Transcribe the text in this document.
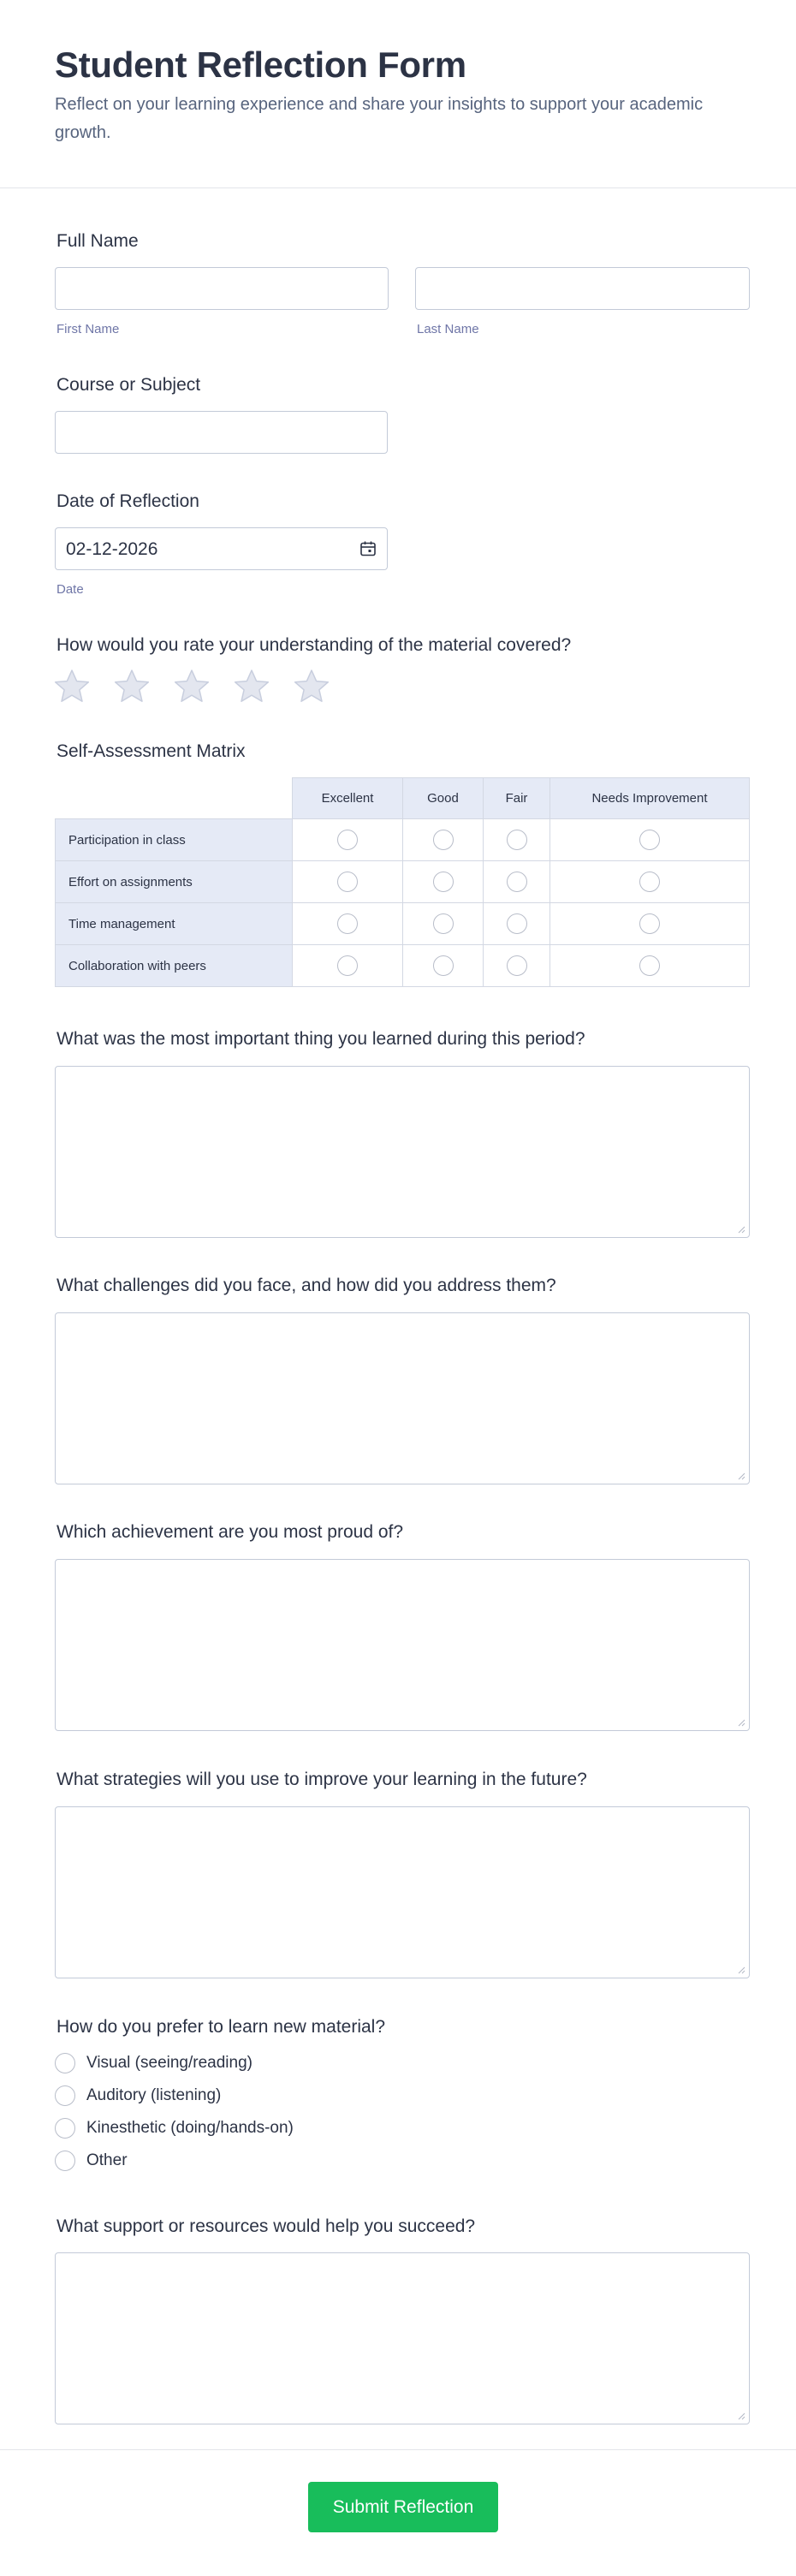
Student Reflection Form

Reflect on your learning experience and share your insights to support your academic growth.

Full Name
First Name	Last Name
Course or Subject
Date of Reflection
02-12-2026
Date
How would you rate your understanding of the material covered?
Self-Assessment Matrix
	Excellent	Good	Fair	Needs Improvement
Participation in class				
Effort on assignments				
Time management				
Collaboration with peers				
What was the most important thing you learned during this period?
What challenges did you face, and how did you address them?
Which achievement are you most proud of?
What strategies will you use to improve your learning in the future?
How do you prefer to learn new material?
Visual (seeing/reading)
Auditory (listening)
Kinesthetic (doing/hands-on)
Other
What support or resources would help you succeed?
Submit Reflection
